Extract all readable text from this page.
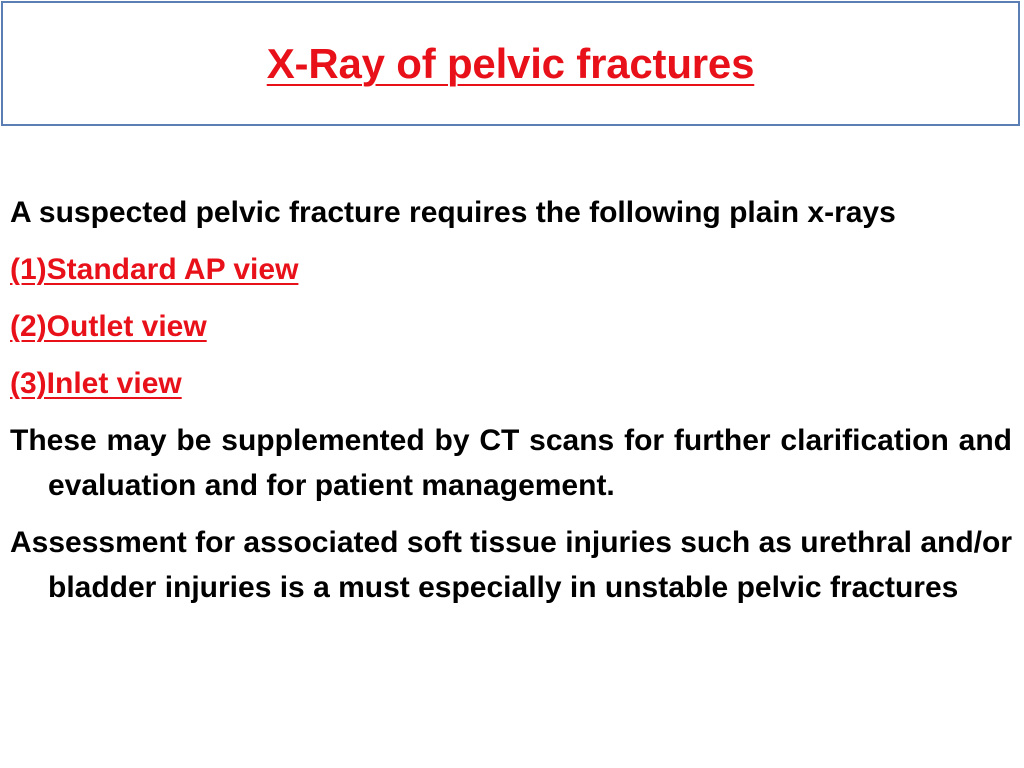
X-Ray of pelvic fractures

A suspected pelvic fracture requires the following plain x-rays

(1)Standard AP view

(2)Outlet view

(3)Inlet view

These may be supplemented by CT scans for further clarification and evaluation and for patient management.

Assessment for associated soft tissue injuries such as urethral and/or bladder injuries is a must especially in unstable pelvic fractures
